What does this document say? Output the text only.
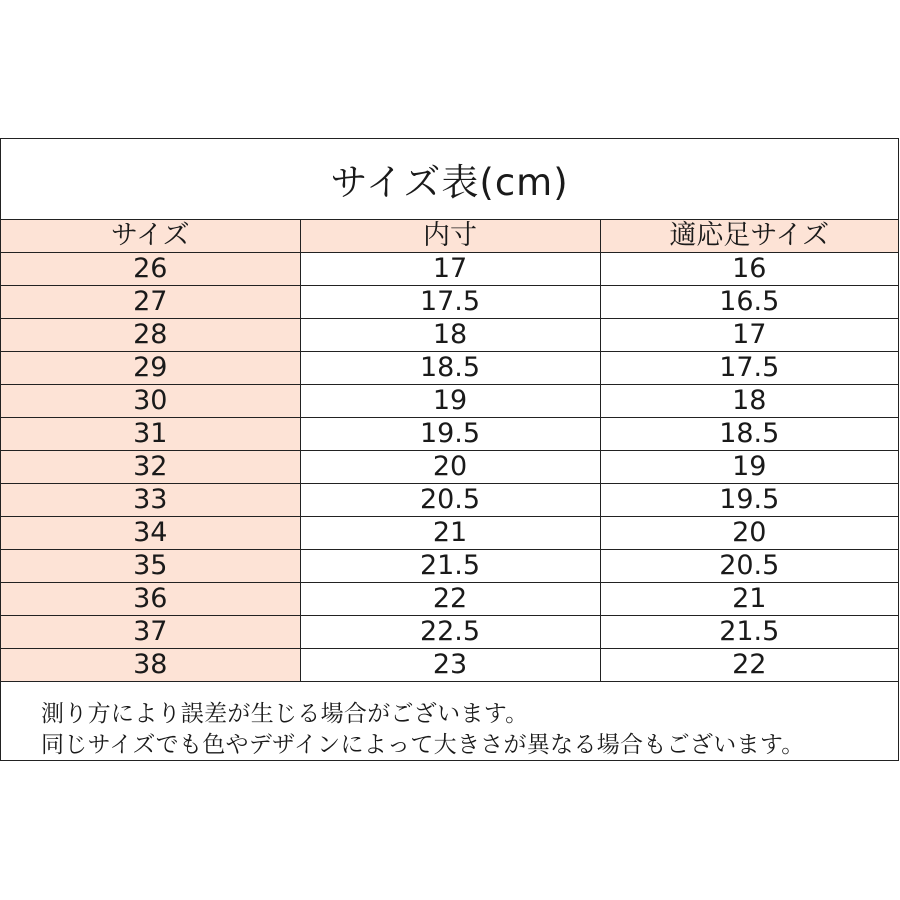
サイズ表(cm)
サイズ	内寸	適応足サイズ
26	17	16
27	17.5	16.5
28	18	17
29	18.5	17.5
30	19	18
31	19.5	18.5
32	20	19
33	20.5	19.5
34	21	20
35	21.5	20.5
36	22	21
37	22.5	21.5
38	23	22
測り方により誤差が生じる場合がございます。
同じサイズでも色やデザインによって大きさが異なる場合もございます。
